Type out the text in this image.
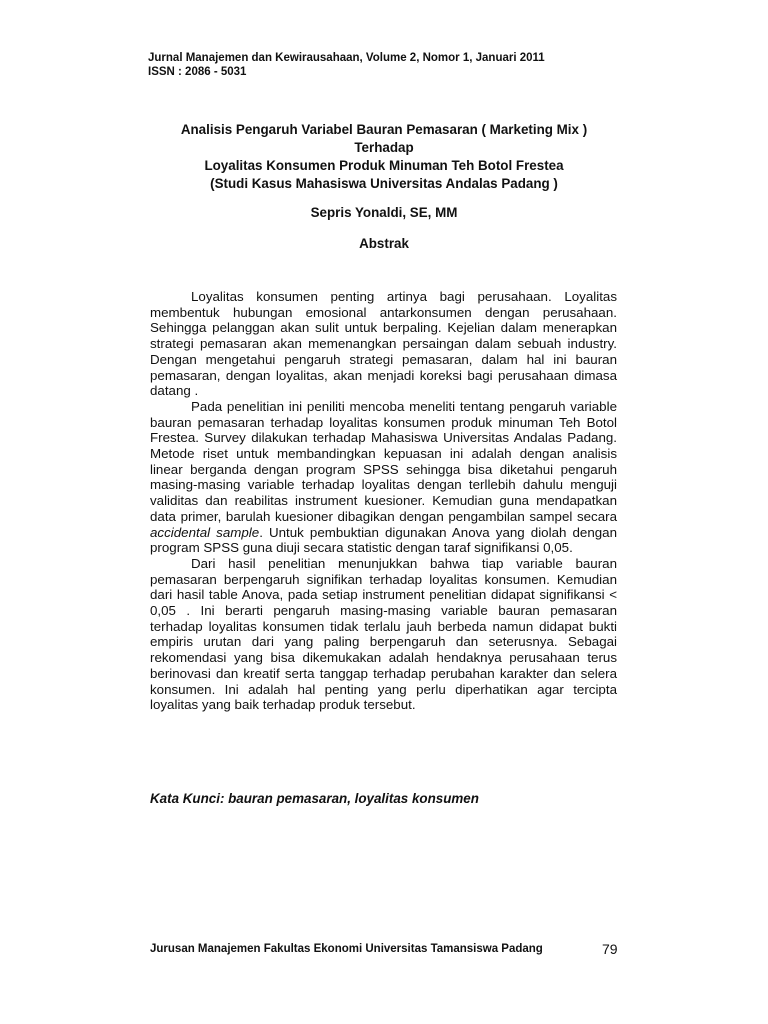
Jurnal Manajemen dan Kewirausahaan, Volume 2, Nomor 1, Januari 2011
ISSN : 2086 - 5031
Analisis Pengaruh Variabel Bauran Pemasaran ( Marketing Mix )
Terhadap
Loyalitas Konsumen Produk Minuman Teh Botol Frestea
(Studi Kasus Mahasiswa Universitas Andalas Padang )
Sepris Yonaldi, SE, MM
Abstrak

Loyalitas konsumen penting artinya bagi perusahaan. Loyalitas membentuk hubungan emosional antarkonsumen dengan perusahaan. Sehingga pelanggan akan sulit untuk berpaling. Kejelian dalam menerapkan strategi pemasaran akan memenangkan persaingan dalam sebuah industry. Dengan mengetahui pengaruh strategi pemasaran, dalam hal ini bauran pemasaran, dengan loyalitas, akan menjadi koreksi bagi perusahaan dimasa datang .

Pada penelitian ini peniliti mencoba meneliti tentang pengaruh variable bauran pemasaran terhadap loyalitas konsumen produk minuman Teh Botol Frestea. Survey dilakukan terhadap Mahasiswa Universitas Andalas Padang. Metode riset untuk membandingkan kepuasan ini adalah dengan analisis linear berganda dengan program SPSS sehingga bisa diketahui pengaruh masing-masing variable terhadap loyalitas dengan terllebih dahulu menguji validitas dan reabilitas instrument kuesioner. Kemudian guna mendapatkan data primer, barulah kuesioner dibagikan dengan pengambilan sampel secara accidental sample. Untuk pembuktian digunakan Anova yang diolah dengan program SPSS guna diuji secara statistic dengan taraf signifikansi 0,05.

Dari hasil penelitian menunjukkan bahwa tiap variable bauran pemasaran berpengaruh signifikan terhadap loyalitas konsumen. Kemudian dari hasil table Anova, pada setiap instrument penelitian didapat signifikansi < 0,05 . Ini berarti pengaruh masing-masing variable bauran pemasaran terhadap loyalitas konsumen tidak terlalu jauh berbeda namun didapat bukti empiris urutan dari yang paling berpengaruh dan seterusnya. Sebagai rekomendasi yang bisa dikemukakan adalah hendaknya perusahaan terus berinovasi dan kreatif serta tanggap terhadap perubahan karakter dan selera konsumen. Ini adalah hal penting yang perlu diperhatikan agar tercipta loyalitas yang baik terhadap produk tersebut.

Kata Kunci: bauran pemasaran, loyalitas konsumen
Jurusan Manajemen Fakultas Ekonomi Universitas Tamansiswa Padang	79
